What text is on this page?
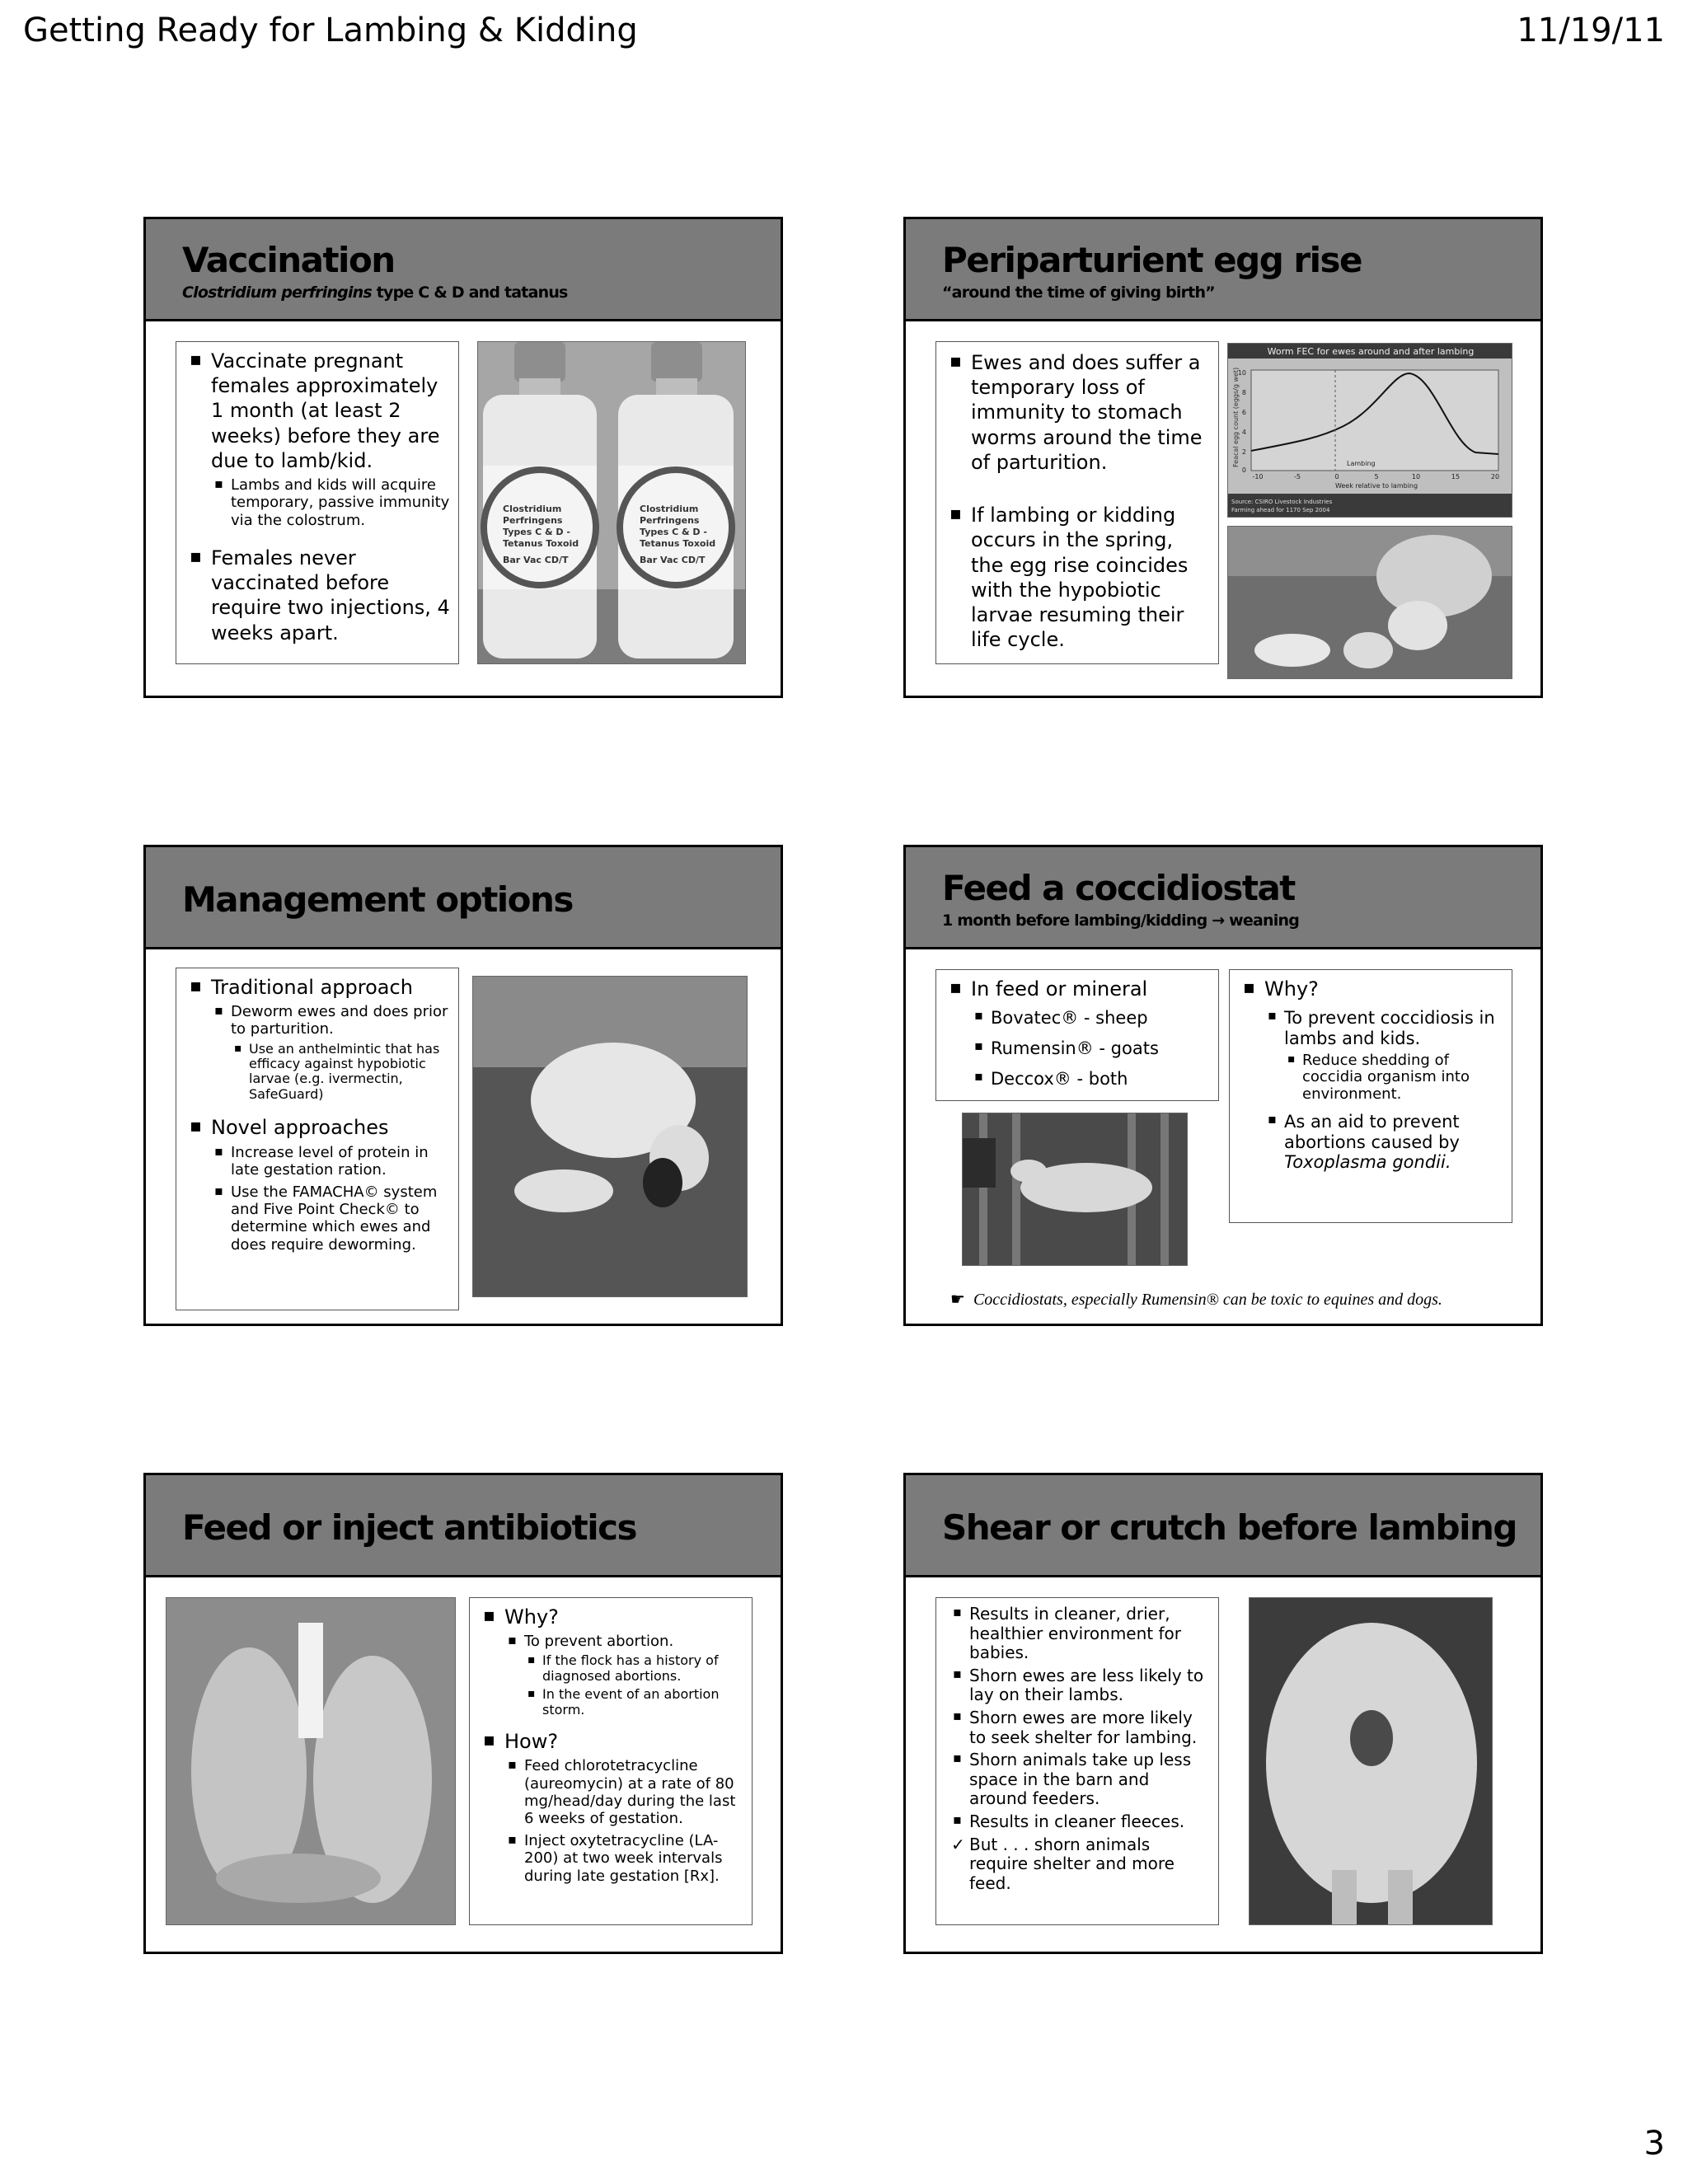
Getting Ready for Lambing & Kidding	11/19/11
Vaccination
Clostridium perfringins type C & D and tatanus
▪ Vaccinate pregnant females approximately 1 month (at least 2 weeks) before they are due to lamb/kid.
▪ Lambs and kids will acquire temporary, passive immunity via the colostrum.
▪ Females never vaccinated before require two injections, 4 weeks apart.
Clostridium
Perfringens
Types C & D -
Tetanus Toxoid
Bar Vac CD/T
Clostridium
Perfringens
Types C & D -
Tetanus Toxoid
Bar Vac CD/T
Periparturient egg rise
“around the time of giving birth”
▪ Ewes and does suffer a temporary loss of immunity to stomach worms around the time of parturition.
▪ If lambing or kidding occurs in the spring, the egg rise coincides with the hypobiotic larvae resuming their life cycle.
Worm FEC for ewes around and after lambing
Feacal egg count (eggs/g wet)
10
8
6
4
2
0
-10	-5	0	5	10	15	20
Lambing
Week relative to lambing
Source: CSIRO Livestock Industries
Farming ahead for 1170 Sep 2004
Management options
▪ Traditional approach
▪ Deworm ewes and does prior to parturition.
▪ Use an anthelmintic that has efficacy against hypobiotic larvae (e.g. ivermectin, SafeGuard)
▪ Novel approaches
▪ Increase level of protein in late gestation ration.
▪ Use the FAMACHA© system and Five Point Check© to determine which ewes and does require deworming.
Feed a coccidiostat
1 month before lambing/kidding → weaning
▪ In feed or mineral
▪ Bovatec® - sheep
▪ Rumensin® - goats
▪ Deccox® - both
▪ Why?
▪ To prevent coccidiosis in lambs and kids.
▪ Reduce shedding of coccidia organism into environment.
▪ As an aid to prevent abortions caused by Toxoplasma gondii.
☛ Coccidiostats, especially Rumensin® can be toxic to equines and dogs.
Feed or inject antibiotics
▪ Why?
▪ To prevent abortion.
▪ If the flock has a history of diagnosed abortions.
▪ In the event of an abortion storm.
▪ How?
▪ Feed chlorotetracycline (aureomycin) at a rate of 80 mg/head/day during the last 6 weeks of gestation.
▪ Inject oxytetracycline (LA-200) at two week intervals during late gestation [Rx].
Shear or crutch before lambing
▪ Results in cleaner, drier, healthier environment for babies.
▪ Shorn ewes are less likely to lay on their lambs.
▪ Shorn ewes are more likely to seek shelter for lambing.
▪ Shorn animals take up less space in the barn and around feeders.
▪ Results in cleaner fleeces.
✓ But . . . shorn animals require shelter and more feed.
3
